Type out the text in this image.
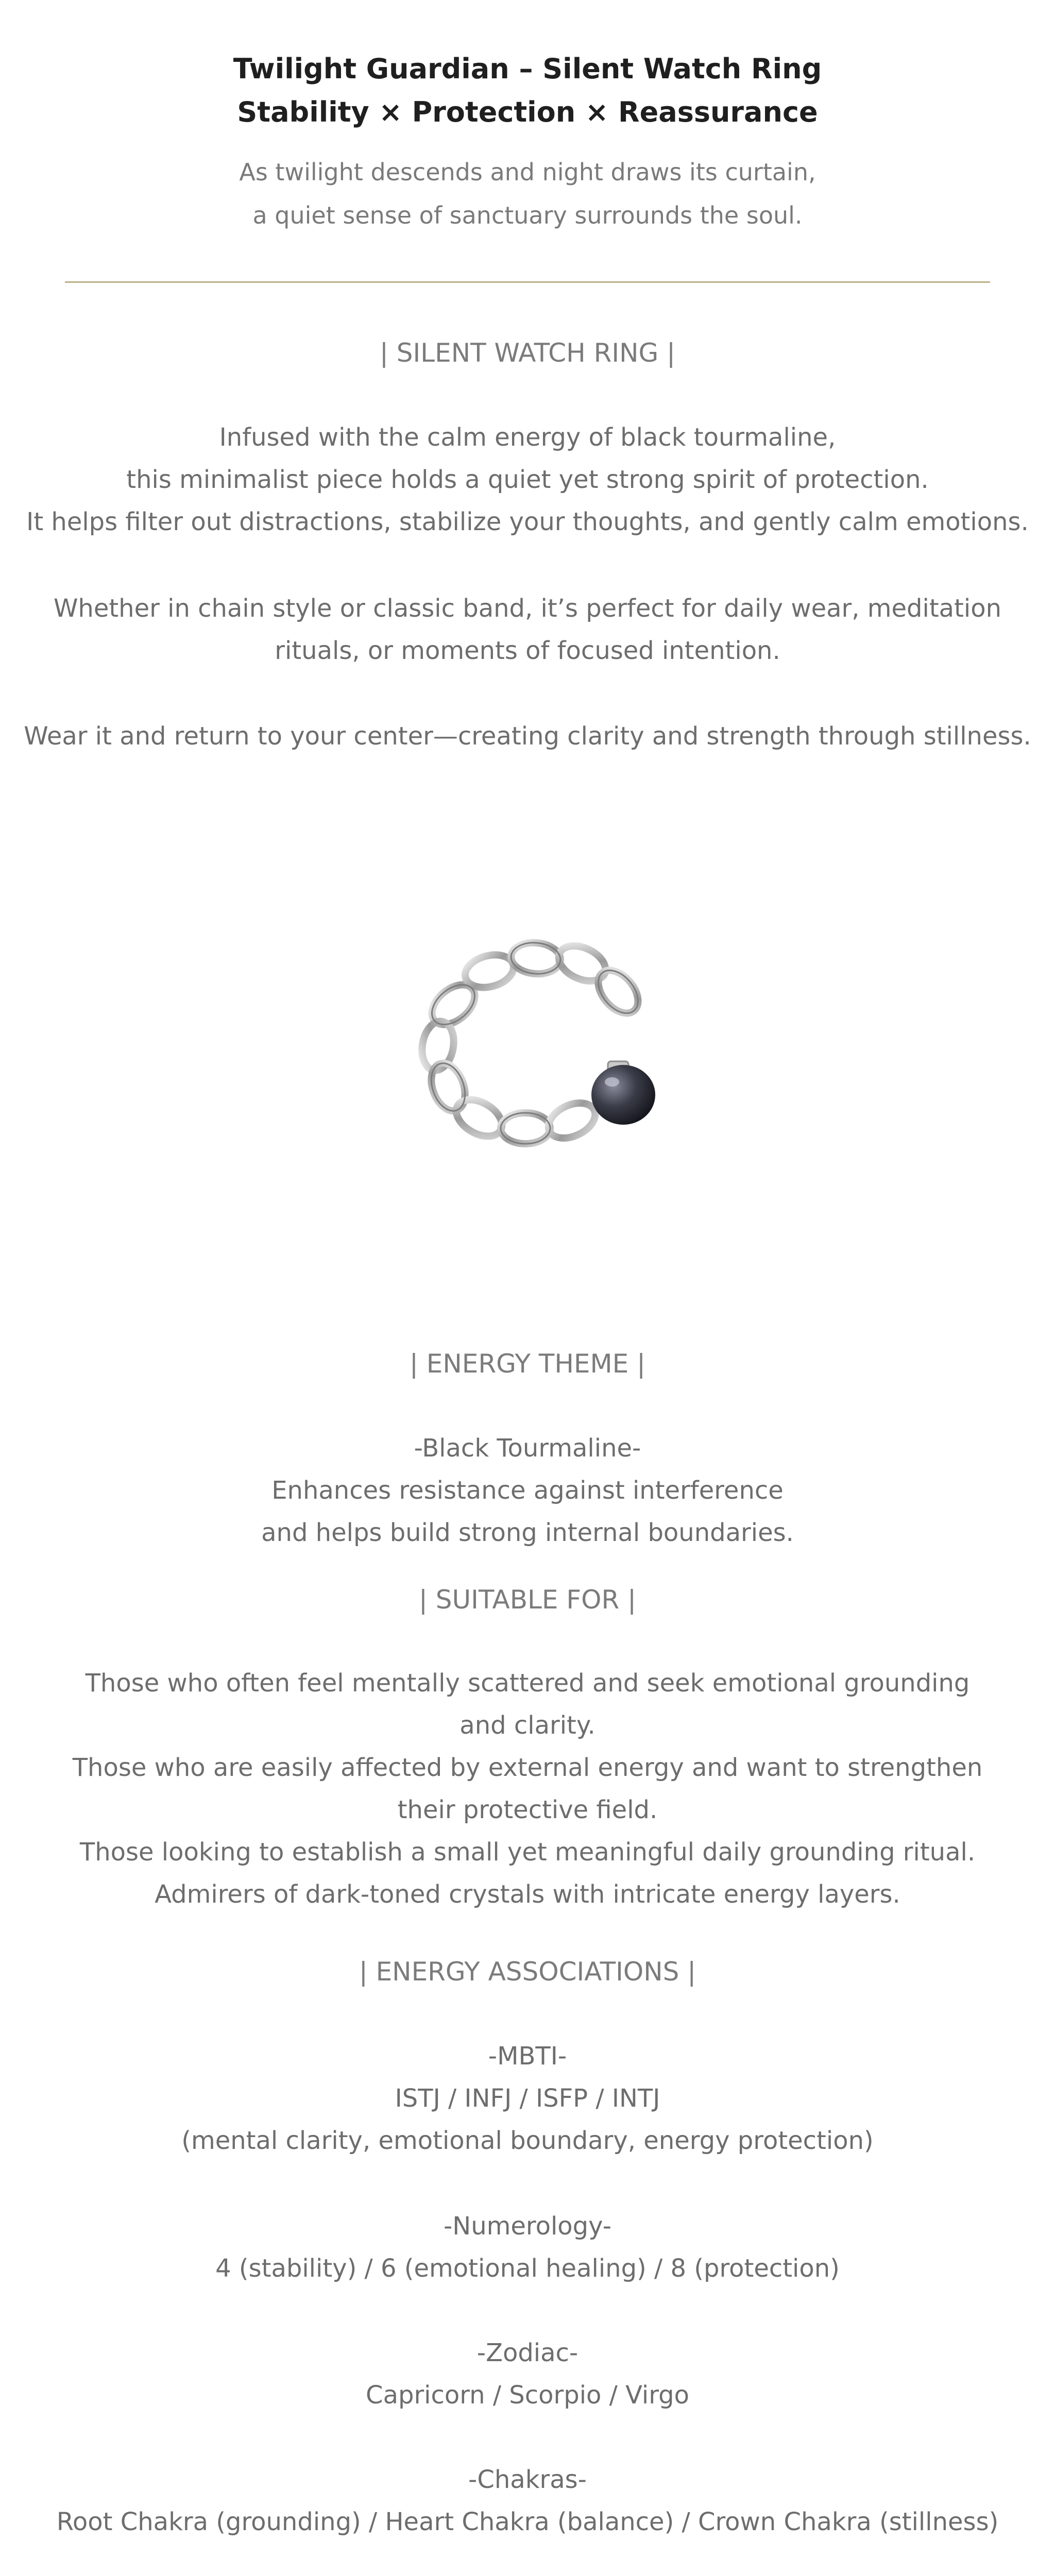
Twilight Guardian – Silent Watch Ring
Stability × Protection × Reassurance
As twilight descends and night draws its curtain,
a quiet sense of sanctuary surrounds the soul.
| SILENT WATCH RING |
Infused with the calm energy of black tourmaline,
this minimalist piece holds a quiet yet strong spirit of protection.
It helps filter out distractions, stabilize your thoughts, and gently calm emotions.
Whether in chain style or classic band, it’s perfect for daily wear, meditation
rituals, or moments of focused intention.
Wear it and return to your center—creating clarity and strength through stillness.
| ENERGY THEME |
-Black Tourmaline-
Enhances resistance against interference
and helps build strong internal boundaries.
| SUITABLE FOR |
Those who often feel mentally scattered and seek emotional grounding
and clarity.
Those who are easily affected by external energy and want to strengthen
their protective field.
Those looking to establish a small yet meaningful daily grounding ritual.
Admirers of dark-toned crystals with intricate energy layers.
| ENERGY ASSOCIATIONS |
-MBTI-
ISTJ / INFJ / ISFP / INTJ
(mental clarity, emotional boundary, energy protection)
-Numerology-
4 (stability) / 6 (emotional healing) / 8 (protection)
-Zodiac-
Capricorn / Scorpio / Virgo
-Chakras-
Root Chakra (grounding) / Heart Chakra (balance) / Crown Chakra (stillness)
